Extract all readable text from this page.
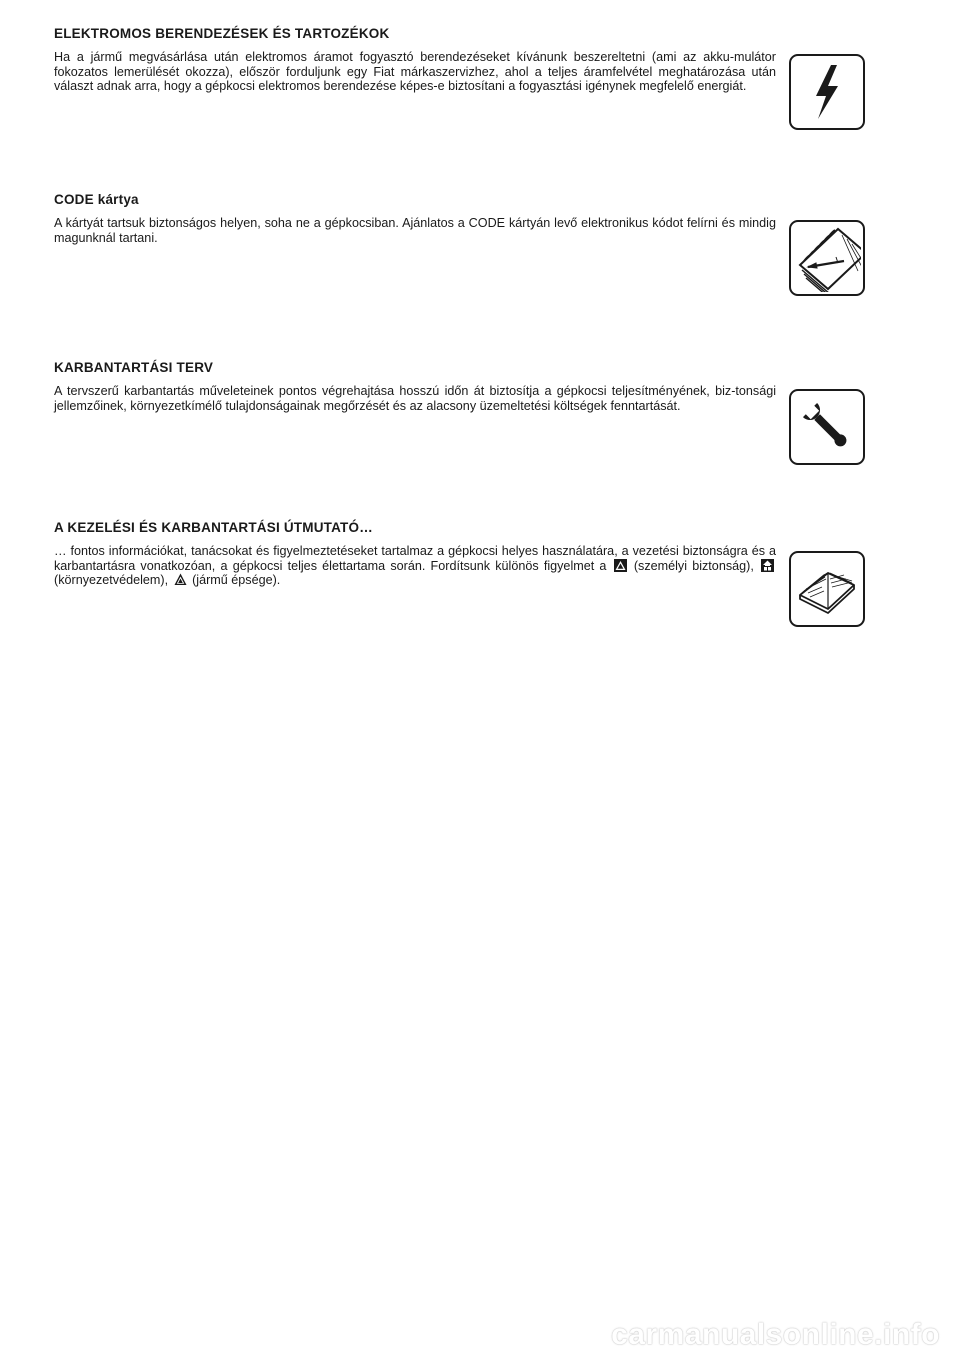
ELEKTROMOS BERENDEZÉSEK ÉS TARTOZÉKOK

Ha a jármű megvásárlása után elektromos áramot fogyasztó berendezéseket kívánunk beszereltetni (ami az akku-mulátor fokozatos lemerülését okozza), először forduljunk egy Fiat márkaszervizhez, ahol a teljes áramfelvétel meghatározása után választ adnak arra, hogy a gépkocsi elektromos berendezése képes-e biztosítani a fogyasztási igénynek megfelelő energiát.

CODE kártya

A kártyát tartsuk biztonságos helyen, soha ne a gépkocsiban. Ajánlatos a CODE kártyán levő elektronikus kódot felírni és mindig magunknál tartani.

KARBANTARTÁSI TERV

A tervszerű karbantartás műveleteinek pontos végrehajtása hosszú időn át biztosítja a gépkocsi teljesítményének, biz-tonsági jellemzőinek, környezetkímélő tulajdonságainak megőrzését és az alacsony üzemeltetési költségek fenntartását.

A KEZELÉSI ÉS KARBANTARTÁSI ÚTMUTATÓ…

… fontos információkat, tanácsokat és figyelmeztetéseket tartalmaz a gépkocsi helyes használatára, a vezetési biztonságra és a karbantartásra vonatkozóan, a gépkocsi teljes élettartama során. Fordítsunk különös figyelmet a (személyi biztonság),
(környezetvédelem), (jármű épsége).

carmanualsonline.info
